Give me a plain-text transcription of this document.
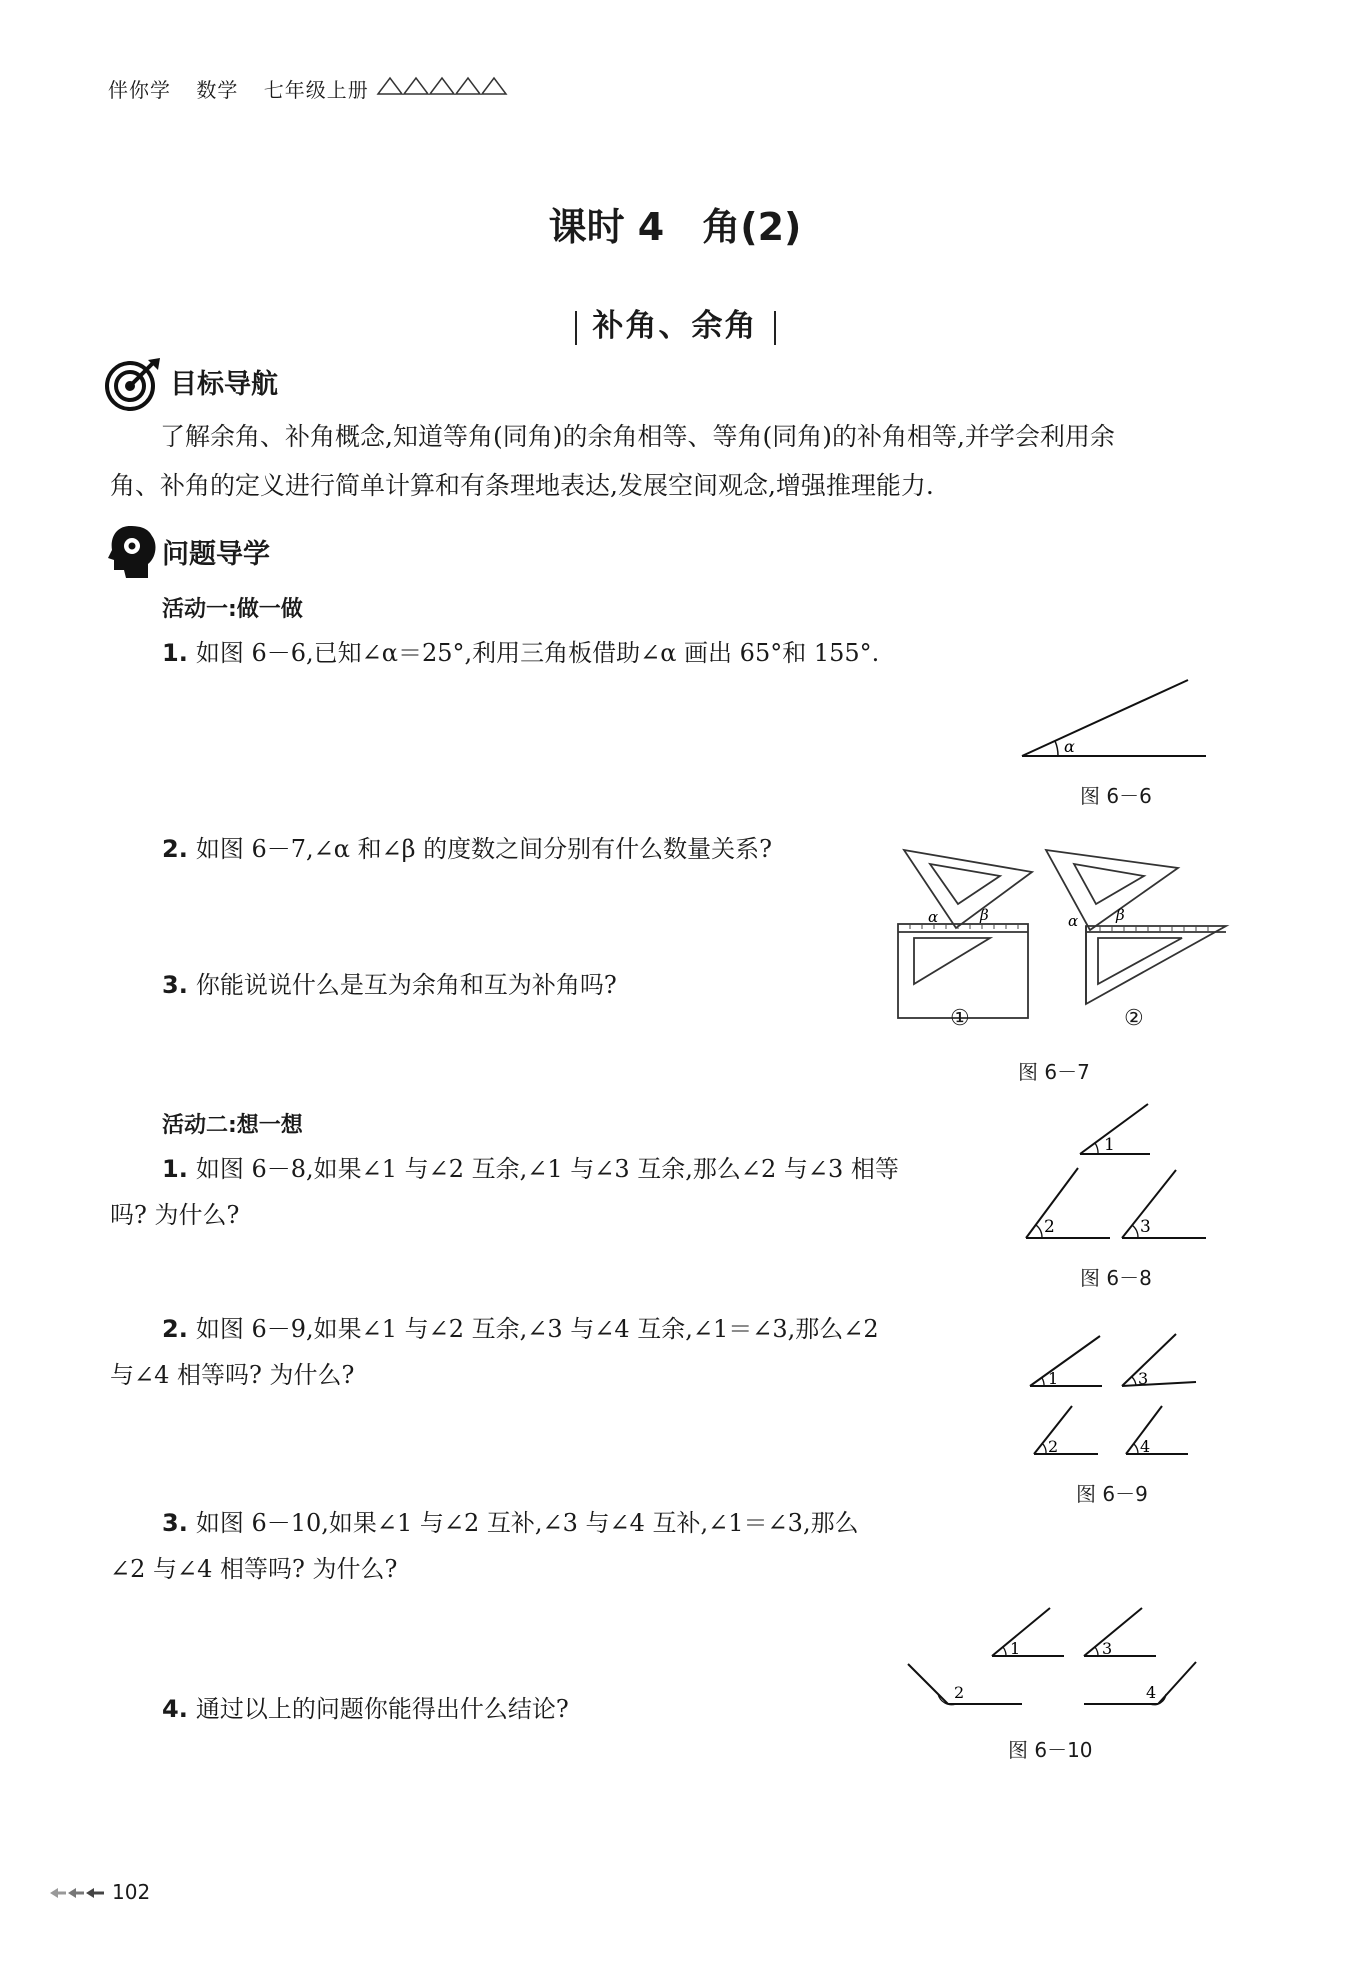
伴你学 数学 七年级上册
课时 4　角(2)
补角、余角
目标导航
了解余角、补角概念,知道等角(同角)的余角相等、等角(同角)的补角相等,并学会利用余
角、补角的定义进行简单计算和有条理地表达,发展空间观念,增强推理能力.
问题导学
活动一:做一做
1. 如图 6－6,已知∠α＝25°,利用三角板借助∠α 画出 65°和 155°.
α
图 6－6
2. 如图 6－7,∠α 和∠β 的度数之间分别有什么数量关系?
3. 你能说说什么是互为余角和互为补角吗?
α	β	α	β
①	②
图 6－7
活动二:想一想
1. 如图 6－8,如果∠1 与∠2 互余,∠1 与∠3 互余,那么∠2 与∠3 相等
吗? 为什么?
1
2	3
图 6－8
2. 如图 6－9,如果∠1 与∠2 互余,∠3 与∠4 互余,∠1＝∠3,那么∠2
与∠4 相等吗? 为什么?	1	3
2	4
图 6－9
3. 如图 6－10,如果∠1 与∠2 互补,∠3 与∠4 互补,∠1＝∠3,那么
∠2 与∠4 相等吗? 为什么?
1	3
2	4
图 6－10
4. 通过以上的问题你能得出什么结论?
102
